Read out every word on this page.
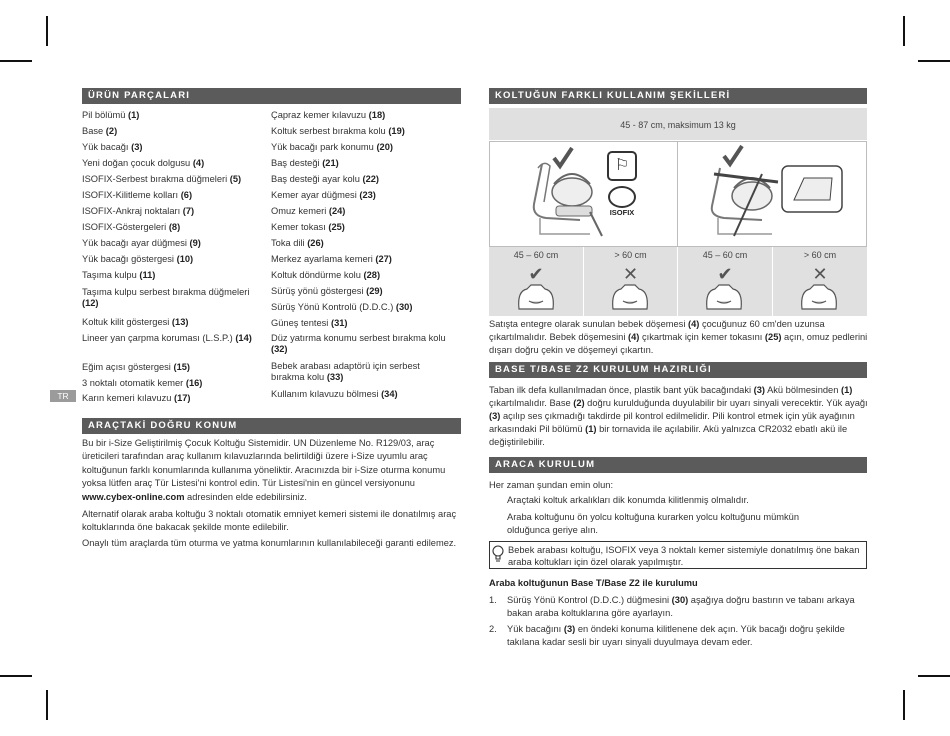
TR
ÜRÜN PARÇALARI
Pil bölümü (1)
Base (2)
Yük bacağı (3)
Yeni doğan çocuk dolgusu (4)
ISOFIX-Serbest bırakma düğmeleri (5)
ISOFIX-Kilitleme kolları (6)
ISOFIX-Ankraj noktaları (7)
ISOFIX-Göstergeleri (8)
Yük bacağı ayar düğmesi (9)
Yük bacağı göstergesi (10)
Taşıma kulpu (11)
Taşıma kulpu serbest bırakma düğmeleri (12)
Koltuk kilit göstergesi (13)
Lineer yan çarpma koruması (L.S.P.) (14)
Eğim açısı göstergesi (15)
3 noktalı otomatik kemer (16)
Karın kemeri kılavuzu (17)
Çapraz kemer kılavuzu (18)
Koltuk serbest bırakma kolu (19)
Yük bacağı park konumu (20)
Baş desteği (21)
Baş desteği ayar kolu (22)
Kemer ayar düğmesi (23)
Omuz kemeri (24)
Kemer tokası (25)
Toka dili (26)
Merkez ayarlama kemeri (27)
Koltuk döndürme kolu (28)
Sürüş yönü göstergesi (29)
Sürüş Yönü Kontrolü (D.D.C.) (30)
Güneş tentesi (31)
Düz yatırma konumu serbest bırakma kolu (32)
Bebek arabası adaptörü için serbest bırakma kolu (33)
Kullanım kılavuzu bölmesi (34)
ARAÇTAKİ DOĞRU KONUM
Bu bir i-Size Geliştirilmiş Çocuk Koltuğu Sistemidir. UN Düzenleme No. R129/03, araç üreticileri tarafından araç kullanım kılavuzlarında belirtildiği üzere i-Size uyumlu araç koltuğunun farklı konumlarında kullanıma yöneliktir. Aracınızda bir i-Size oturma konumu yoksa lütfen araç Tür Listesi'ni kontrol edin. Tür Listesi'nin en güncel versiyonunu www.cybex-online.com adresinden elde edebilirsiniz.
Alternatif olarak araba koltuğu 3 noktalı otomatik emniyet kemeri sistemi ile donatılmış araç koltuklarında öne bakacak şekilde monte edilebilir.
Onaylı tüm araçlarda tüm oturma ve yatma konumlarının kullanılabileceği garanti edilemez.
KOLTUĞUN FARKLI KULLANIM ŞEKİLLERİ
45 - 87 cm, maksimum 13 kg
⚐
ISOFIX
45 – 60 cm	> 60 cm	45 – 60 cm	> 60 cm
✔	✕	✔	✕
Satışta entegre olarak sunulan bebek döşemesi (4) çocuğunuz 60 cm'den uzunsa çıkartılmalıdır. Bebek döşemesini (4) çıkartmak için kemer tokasını (25) açın, omuz pedlerini dışarı doğru çekin ve döşemeyi çıkartın.
BASE T/BASE Z2 KURULUM HAZIRLIĞI
Taban ilk defa kullanılmadan önce, plastik bant yük bacağındaki (3) Akü bölmesinden (1) çıkartılmalıdır. Base (2) doğru kurulduğunda duyulabilir bir uyarı sinyali verecektir. Yük ayağı (3) açılıp ses çıkmadığı takdirde pil kontrol edilmelidir. Pili kontrol etmek için yük ayağının arkasındaki Pil bölümü (1) bir tornavida ile açılabilir. Akü yalnızca CR2032 ebatlı akü ile değiştirilebilir.
ARACA KURULUM
Her zaman şundan emin olun:
Araçtaki koltuk arkalıkları dik konumda kilitlenmiş olmalıdır.
Araba koltuğunu ön yolcu koltuğuna kurarken yolcu koltuğunu mümkün olduğunca geriye alın.
Bebek arabası koltuğu, ISOFIX veya 3 noktalı kemer sistemiyle donatılmış öne bakan araba koltukları için özel olarak yapılmıştır.
Araba koltuğunun Base T/Base Z2 ile kurulumu
1.	Sürüş Yönü Kontrol (D.D.C.) düğmesini (30) aşağıya doğru bastırın ve tabanı arkaya bakan araba koltuklarına göre ayarlayın.
2.	Yük bacağını (3) en öndeki konuma kilitlenene dek açın. Yük bacağı doğru şekilde takılana kadar sesli bir uyarı sinyali duyulmaya devam eder.
